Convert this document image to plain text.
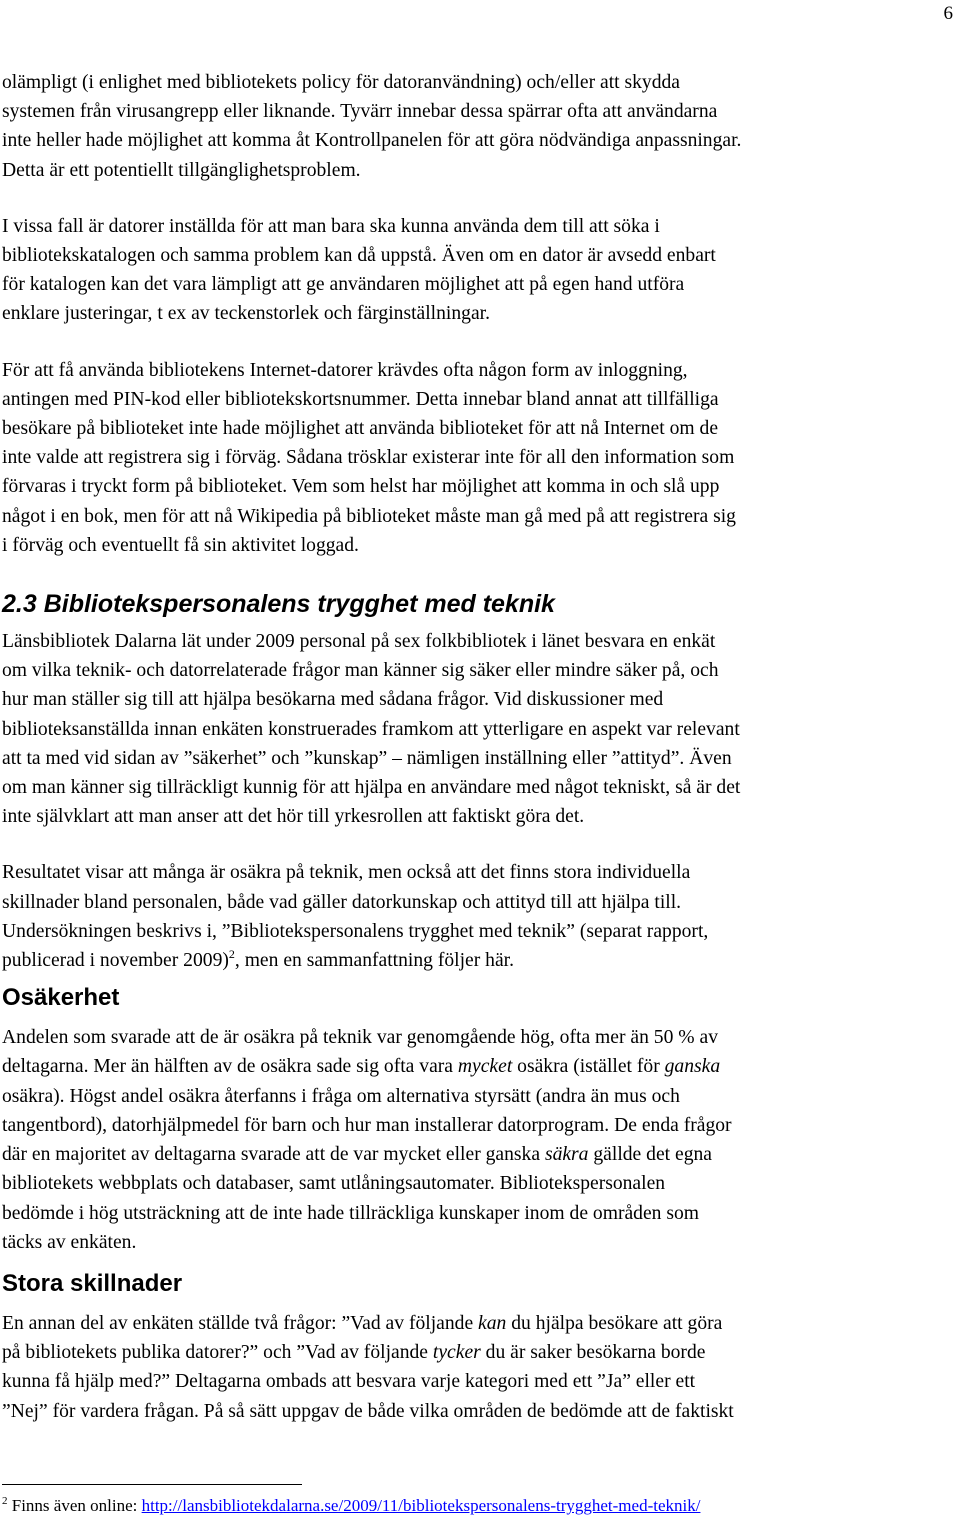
6

olämpligt (i enlighet med bibliotekets policy för datoranvändning) och/eller att skydda

systemen från virusangrepp eller liknande. Tyvärr innebar dessa spärrar ofta att användarna

inte heller hade möjlighet att komma åt Kontrollpanelen för att göra nödvändiga anpassningar.

Detta är ett potentiellt tillgänglighetsproblem.

I vissa fall är datorer inställda för att man bara ska kunna använda dem till att söka i

bibliotekskatalogen och samma problem kan då uppstå. Även om en dator är avsedd enbart

för katalogen kan det vara lämpligt att ge användaren möjlighet att på egen hand utföra

enklare justeringar, t ex av teckenstorlek och färginställningar.

För att få använda bibliotekens Internet-datorer krävdes ofta någon form av inloggning,

antingen med PIN-kod eller bibliotekskortsnummer. Detta innebar bland annat att tillfälliga

besökare på biblioteket inte hade möjlighet att använda biblioteket för att nå Internet om de

inte valde att registrera sig i förväg. Sådana trösklar existerar inte för all den information som

förvaras i tryckt form på biblioteket. Vem som helst har möjlighet att komma in och slå upp

något i en bok, men för att nå Wikipedia på biblioteket måste man gå med på att registrera sig

i förväg och eventuellt få sin aktivitet loggad.

2.3 Bibliotekspersonalens trygghet med teknik

Länsbibliotek Dalarna lät under 2009 personal på sex folkbibliotek i länet besvara en enkät

om vilka teknik- och datorrelaterade frågor man känner sig säker eller mindre säker på, och

hur man ställer sig till att hjälpa besökarna med sådana frågor. Vid diskussioner med

biblioteksanställda innan enkäten konstruerades framkom att ytterligare en aspekt var relevant

att ta med vid sidan av ”säkerhet” och ”kunskap” – nämligen inställning eller ”attityd”. Även

om man känner sig tillräckligt kunnig för att hjälpa en användare med något tekniskt, så är det

inte självklart att man anser att det hör till yrkesrollen att faktiskt göra det.

Resultatet visar att många är osäkra på teknik, men också att det finns stora individuella

skillnader bland personalen, både vad gäller datorkunskap och attityd till att hjälpa till.

Undersökningen beskrivs i, ”Bibliotekspersonalens trygghet med teknik” (separat rapport,

publicerad i november 2009)$^2$, men en sammanfattning följer här.

Osäkerhet

Andelen som svarade att de är osäkra på teknik var genomgående hög, ofta mer än 50 % av

deltagarna. Mer än hälften av de osäkra sade sig ofta vara mycket osäkra (istället för ganska

osäkra). Högst andel osäkra återfanns i fråga om alternativa styrsätt (andra än mus och

tangentbord), datorhjälpmedel för barn och hur man installerar datorprogram. De enda frågor

där en majoritet av deltagarna svarade att de var mycket eller ganska säkra gällde det egna

bibliotekets webbplats och databaser, samt utlåningsautomater. Bibliotekspersonalen

bedömde i hög utsträckning att de inte hade tillräckliga kunskaper inom de områden som

täcks av enkäten.

Stora skillnader

En annan del av enkäten ställde två frågor: ”Vad av följande kan du hjälpa besökare att göra

på bibliotekets publika datorer?” och ”Vad av följande tycker du är saker besökarna borde

kunna få hjälp med?” Deltagarna ombads att besvara varje kategori med ett ”Ja” eller ett

”Nej” för vardera frågan. På så sätt uppgav de både vilka områden de bedömde att de faktiskt

$^2$ Finns även online: http://lansbibliotekdalarna.se/2009/11/bibliotekspersonalens-trygghet-med-teknik/
